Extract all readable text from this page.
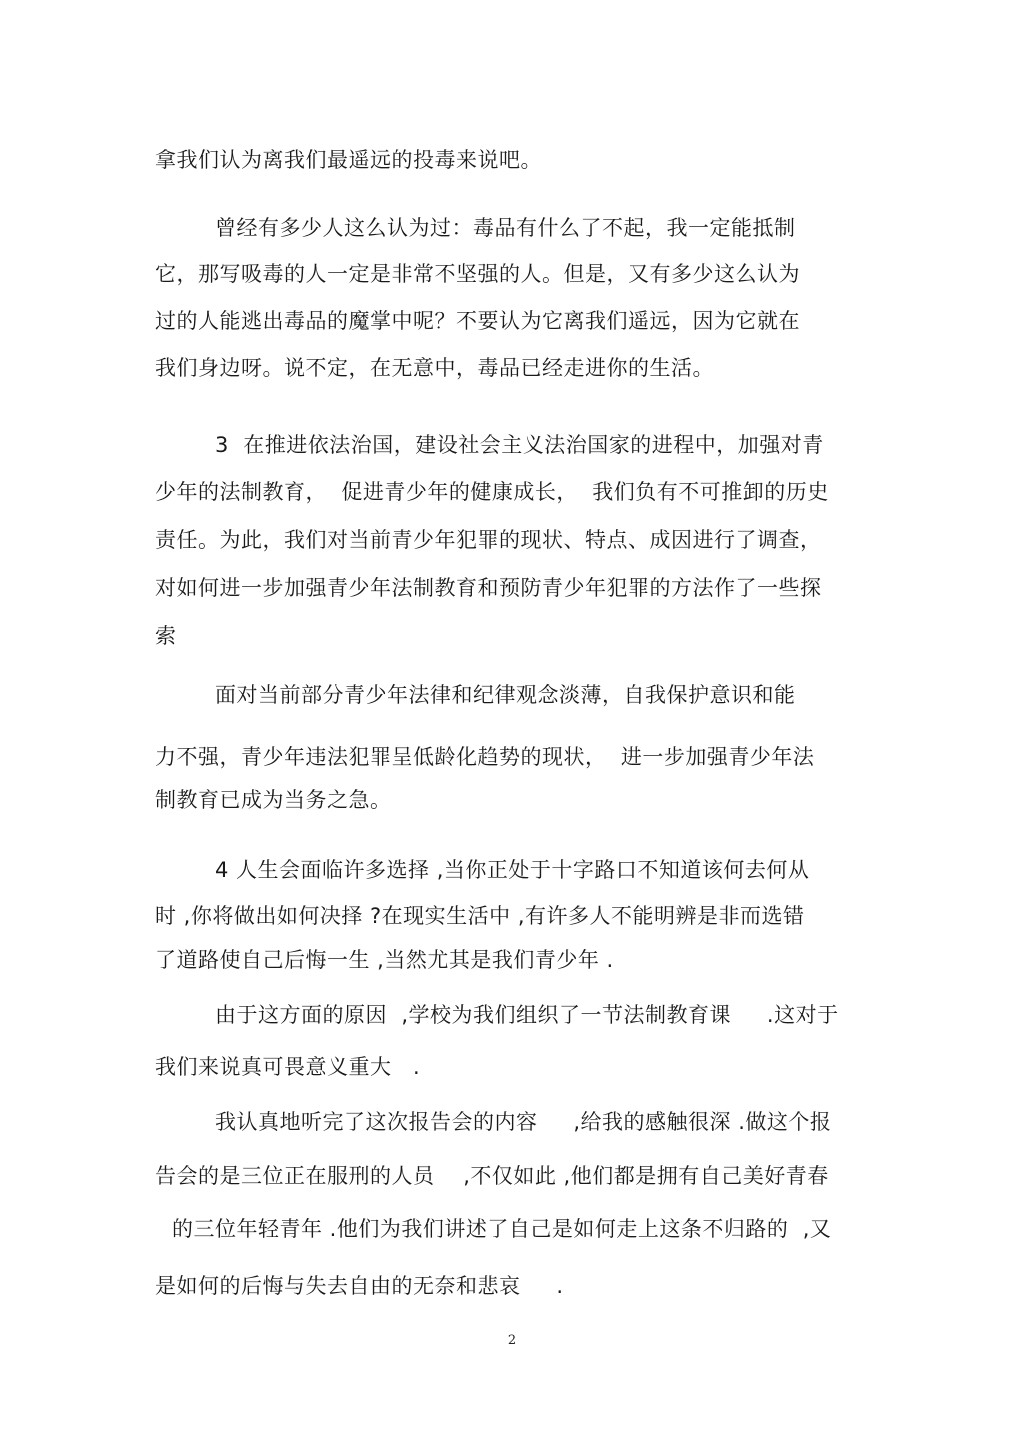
拿我们认为离我们最遥远的投毒来说吧。
曾经有多少人这么认为过：毒品有什么了不起，我一定能抵制
它，那写吸毒的人一定是非常不坚强的人。但是，又有多少这么认为
过的人能逃出毒品的魔掌中呢？不要认为它离我们遥远，因为它就在
我们身边呀。说不定，在无意中，毒品已经走进你的生活。
3  在推进依法治国，建设社会主义法治国家的进程中，加强对青
少年的法制教育，  促进青少年的健康成长，  我们负有不可推卸的历史
责任。为此，我们对当前青少年犯罪的现状、特点、成因进行了调查，
对如何进一步加强青少年法制教育和预防青少年犯罪的方法作了一些探
索
面对当前部分青少年法律和纪律观念淡薄，自我保护意识和能
力不强，青少年违法犯罪呈低龄化趋势的现状，  进一步加强青少年法
制教育已成为当务之急。
4 人生会面临许多选择 ,当你正处于十字路口不知道该何去何从
时 ,你将做出如何决择 ?在现实生活中 ,有许多人不能明辨是非而选错
了道路使自己后悔一生 ,当然尤其是我们青少年 .
由于这方面的原因  ,学校为我们组织了一节法制教育课     .这对于
我们来说真可畏意义重大   .
我认真地听完了这次报告会的内容     ,给我的感触很深 .做这个报
告会的是三位正在服刑的人员    ,不仅如此 ,他们都是拥有自己美好青春
的三位年轻青年 .他们为我们讲述了自己是如何走上这条不归路的  ,又
是如何的后悔与失去自由的无奈和悲哀     .
2
